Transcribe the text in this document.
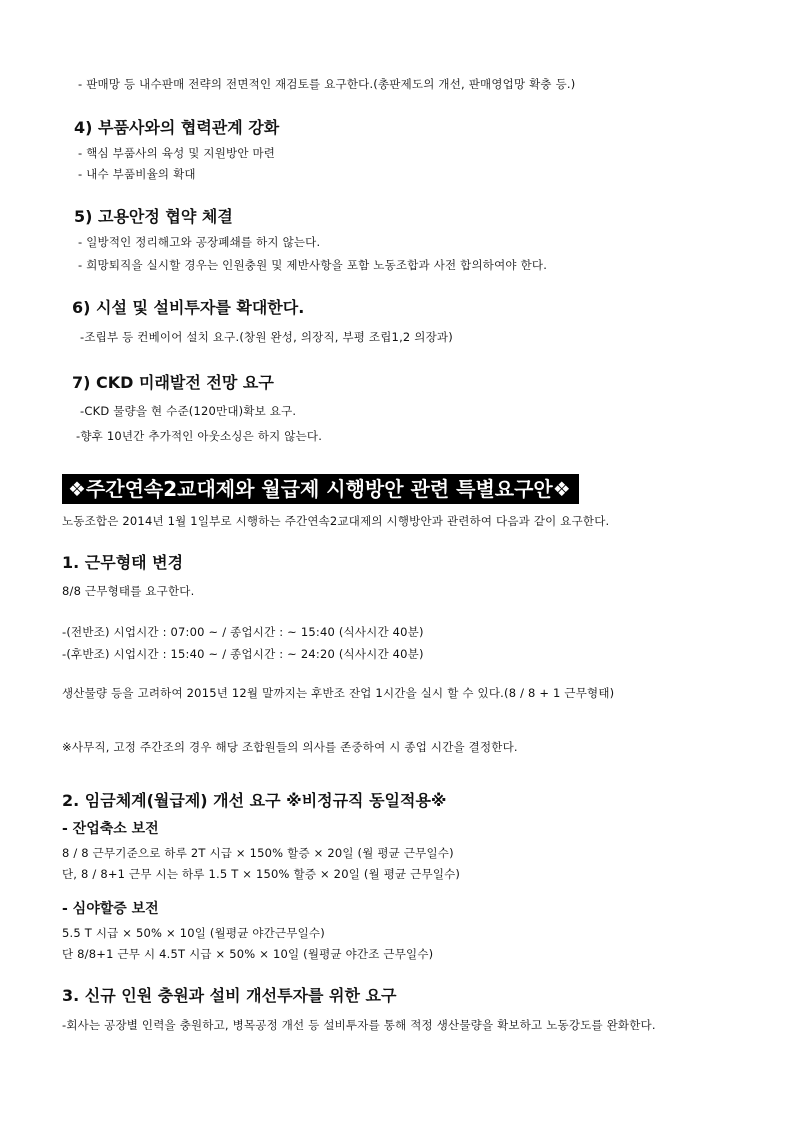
- 판매망 등 내수판매 전략의 전면적인 재검토를 요구한다.(총판제도의 개선, 판매영업망 확충 등.)
4) 부품사와의 협력관계 강화
- 핵심 부품사의 육성 및 지원방안 마련
- 내수 부품비율의 확대
5) 고용안정 협약 체결
- 일방적인 정리해고와 공장폐쇄를 하지 않는다.
- 희망퇴직을 실시할 경우는 인원충원 및 제반사항을 포함 노동조합과 사전 합의하여야 한다.
6) 시설 및 설비투자를 확대한다.
-조립부 등 컨베이어 설치 요구.(창원 완성, 의장직, 부평 조립1,2 의장과)
7) CKD 미래발전 전망 요구
-CKD 물량을 현 수준(120만대)확보 요구.
-향후 10년간 추가적인 아웃소싱은 하지 않는다.
❖주간연속2교대제와 월급제 시행방안 관련 특별요구안❖
노동조합은 2014년 1월 1일부로 시행하는 주간연속2교대제의 시행방안과 관련하여 다음과 같이 요구한다.
1. 근무형태 변경
8/8 근무형태를 요구한다.
-(전반조) 시업시간 : 07:00 ~ / 종업시간 : ~ 15:40 (식사시간 40분)
-(후반조) 시업시간 : 15:40 ~ / 종업시간 : ~ 24:20 (식사시간 40분)
생산물량 등을 고려하여 2015년 12월 말까지는 후반조 잔업 1시간을 실시 할 수 있다.(8 / 8 + 1 근무형태)
※사무직, 고정 주간조의 경우 해당 조합원들의 의사를 존중하여 시 종업 시간을 결정한다.
2. 임금체계(월급제) 개선 요구 ※비정규직 동일적용※
- 잔업축소 보전
8 / 8 근무기준으로 하루 2T 시급 × 150% 할증 × 20일 (월 평균 근무일수)
단, 8 / 8+1 근무 시는 하루 1.5 T × 150% 할증 × 20일 (월 평균 근무일수)
- 심야할증 보전
5.5 T 시급 × 50% × 10일 (월평균 야간근무일수)
단 8/8+1 근무 시 4.5T 시급 × 50% × 10일 (월평균 야간조 근무일수)
3. 신규 인원 충원과 설비 개선투자를 위한 요구
-회사는 공장별 인력을 충원하고, 병목공정 개선 등 설비투자를 통해 적정 생산물량을 확보하고 노동강도를 완화한다.
